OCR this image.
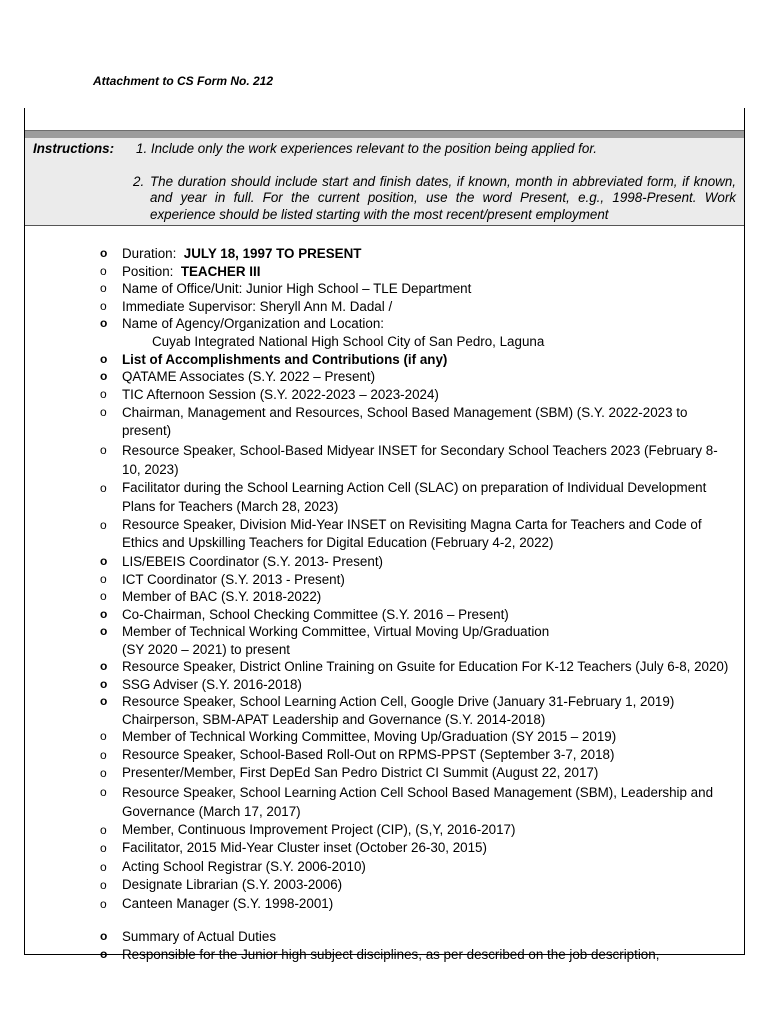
Attachment to CS Form No. 212
Instructions:	1. Include only the work experiences relevant to the position being applied for.
2. The duration should include start and finish dates, if known, month in abbreviated form, if known, and year in full. For the current position, use the word Present, e.g., 1998-Present. Work experience should be listed starting with the most recent/present employment
o Duration: JULY 18, 1997 TO PRESENT
o Position: TEACHER III
o Name of Office/Unit: Junior High School – TLE Department
o Immediate Supervisor: Sheryll Ann M. Dadal /
o Name of Agency/Organization and Location:
Cuyab Integrated National High School City of San Pedro, Laguna
o List of Accomplishments and Contributions (if any)
o QATAME Associates (S.Y. 2022 – Present)
o TIC Afternoon Session (S.Y. 2022-2023 – 2023-2024)
o Chairman, Management and Resources, School Based Management (SBM) (S.Y. 2022-2023 to present)
o Resource Speaker, School-Based Midyear INSET for Secondary School Teachers 2023 (February 8-10, 2023)
o Facilitator during the School Learning Action Cell (SLAC) on preparation of Individual Development Plans for Teachers (March 28, 2023)
o Resource Speaker, Division Mid-Year INSET on Revisiting Magna Carta for Teachers and Code of Ethics and Upskilling Teachers for Digital Education (February 4-2, 2022)
o LIS/EBEIS Coordinator (S.Y. 2013- Present)
o ICT Coordinator (S.Y. 2013 - Present)
o Member of BAC (S.Y. 2018-2022)
o Co-Chairman, School Checking Committee (S.Y. 2016 – Present)
o Member of Technical Working Committee, Virtual Moving Up/Graduation
(SY 2020 – 2021) to present
o Resource Speaker, District Online Training on Gsuite for Education For K-12 Teachers (July 6-8, 2020)
o SSG Adviser (S.Y. 2016-2018)
o Resource Speaker, School Learning Action Cell, Google Drive (January 31-February 1, 2019) Chairperson, SBM-APAT Leadership and Governance (S.Y. 2014-2018)
o Member of Technical Working Committee, Moving Up/Graduation (SY 2015 – 2019)
o Resource Speaker, School-Based Roll-Out on RPMS-PPST (September 3-7, 2018)
o Presenter/Member, First DepEd San Pedro District CI Summit (August 22, 2017)
o Resource Speaker, School Learning Action Cell School Based Management (SBM), Leadership and Governance (March 17, 2017)
o Member, Continuous Improvement Project (CIP), (S,Y, 2016-2017)
o Facilitator, 2015 Mid-Year Cluster inset (October 26-30, 2015)
o Acting School Registrar (S.Y. 2006-2010)
o Designate Librarian (S.Y. 2003-2006)
o Canteen Manager (S.Y. 1998-2001)
o Summary of Actual Duties
o Responsible for the Junior high subject disciplines, as per described on the job description,
